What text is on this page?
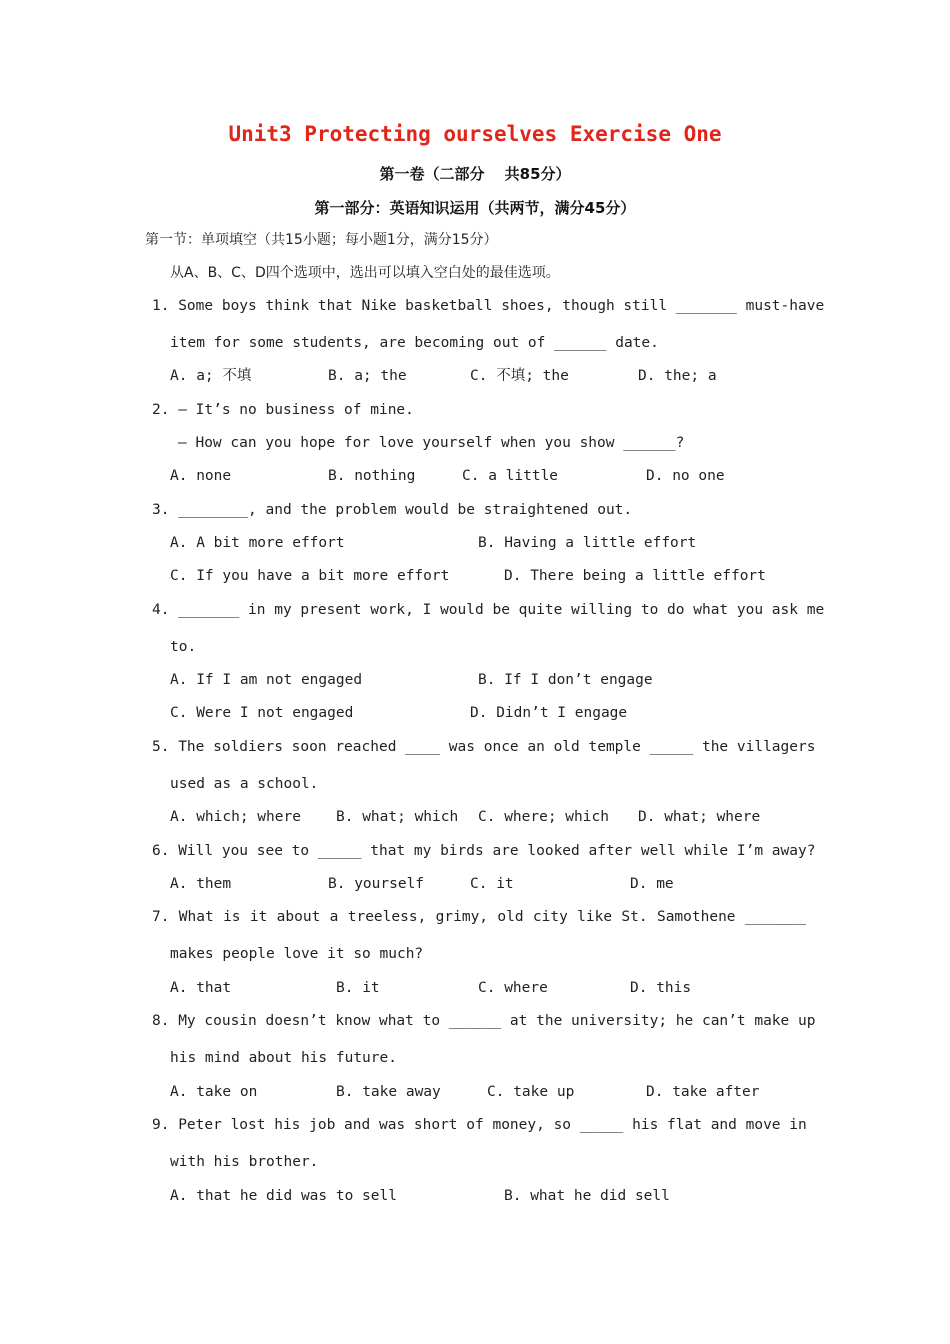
Unit3 Protecting ourselves Exercise One
第一卷（二部分　 共85分）
第一部分：英语知识运用（共两节，满分45分）
第一节：单项填空（共15小题；每小题1分，满分15分）
从A、B、C、D四个选项中，选出可以填入空白处的最佳选项。
1. Some boys think that Nike basketball shoes, though still _______ must-have
item for some students, are becoming out of ______ date.
A. a; 不填	B. a; the	C. 不填; the	D. the; a
2. — It’s no business of mine.
— How can you hope for love yourself when you show ______?
A. none	B. nothing	C. a little	D. no one
3. ________, and the problem would be straightened out.
A. A bit more effort	B. Having a little effort
C. If you have a bit more effort	D. There being a little effort
4. _______ in my present work, I would be quite willing to do what you ask me
to.
A. If I am not engaged	B. If I don’t engage
C. Were I not engaged	D. Didn’t I engage
5. The soldiers soon reached ____ was once an old temple _____ the villagers
used as a school.
A. which; where B. what; which C. where; which D. what; where
6. Will you see to _____ that my birds are looked after well while I’m away?
A. them	B. yourself	C. it	D. me
7. What is it about a treeless, grimy, old city like St. Samothene _______
makes people love it so much?
A. that	B. it	C. where	D. this
8. My cousin doesn’t know what to ______ at the university; he can’t make up
his mind about his future.
A. take on	B. take away	C. take up	D. take after
9. Peter lost his job and was short of money, so _____ his flat and move in
with his brother.
A. that he did was to sell	B. what he did sell
